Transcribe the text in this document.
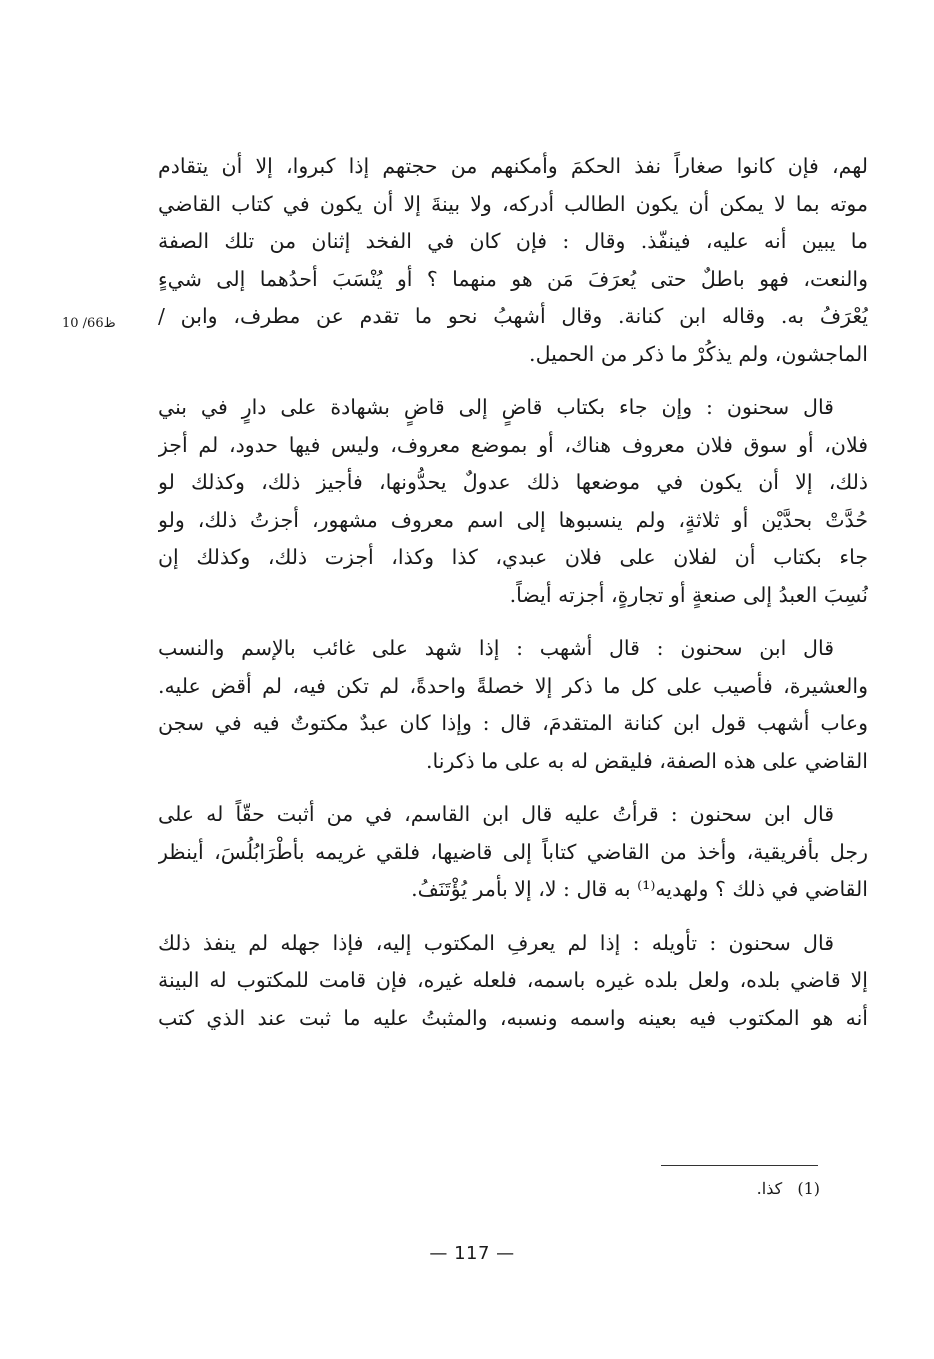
10 /66ظ

لهم، فإن كانوا صغاراً نفذ الحكمَ وأمكنهم من حجتهم إذا كبروا، إلا أن يتقادم
موته بما لا يمكن أن يكون الطالب أدركه، ولا بينةَ إلا أن يكون في كتاب القاضي
ما يبين أنه عليه، فينفّذ. وقال : فإن كان في الفخد إثنان من تلك الصفة
والنعت، فهو باطلٌ حتى يُعرَفَ مَن هو منهما ؟ أو يُنْسَبَ أحدُهما إلى شيءٍ
يُعْرَفُ به. وقاله ابن كنانة. وقال أشهبُ نحو ما تقدم عن مطرف، وابن /
الماجشون، ولم يذكُرْ ما ذكر من الحميل.

قال سحنون : وإن جاء بكتاب قاضٍ إلى قاضٍ بشهادة على دارٍ في بني
فلان، أو سوق فلان معروف هناك، أو بموضع معروف، وليس فيها حدود، لم أجز
ذلك، إلا أن يكون في موضعها ذلك عدولٌ يحدُّونها، فأجيز ذلك، وكذلك لو
حُدَّتْ بحدَّيْن أو ثلاثةٍ، ولم ينسبوها إلى اسم معروف مشهور، أجزتُ ذلك، ولو
جاء بكتاب أن لفلان على فلان عبدي، كذا وكذا، أجزت ذلك، وكذلك إن
نُسِبَ العبدُ إلى صنعةٍ أو تجارةٍ، أجزته أيضاً.

قال ابن سحنون : قال أشهب : إذا شهد على غائب بالإسم والنسب
والعشيرة، فأصيب على كل ما ذكر إلا خصلةً واحدةً، لم تكن فيه، لم أقض عليه.
وعاب أشهب قول ابن كنانة المتقدمَ، قال : وإذا كان عبدٌ مكتوتٌ فيه في سجن
القاضي على هذه الصفة، فليقض له به على ما ذكرنا.

قال ابن سحنون : قرأتُ عليه قال ابن القاسم، في من أثبت حقّاً له على
رجل بأفريقية، وأخذ من القاضي كتاباً إلى قاضيها، فلقي غريمه بأطْرَابُلُسَ، أينظر
القاضي في ذلك ؟ ولهديه⁽¹⁾ به قال : لا، إلا بأمر يُؤْتَنَفُ.

قال سحنون : تأويله : إذا لم يعرفِ المكتوب إليه، فإذا جهله لم ينفذ ذلك
إلا قاضي بلده، ولعل بلده غيره باسمه، فلعله غيره، فإن قامت للمكتوب له البينة
أنه هو المكتوب فيه بعينه واسمه ونسبه، والمثبتُ عليه ما ثبت عند الذي كتب

(1) كذا.
— 117 —
